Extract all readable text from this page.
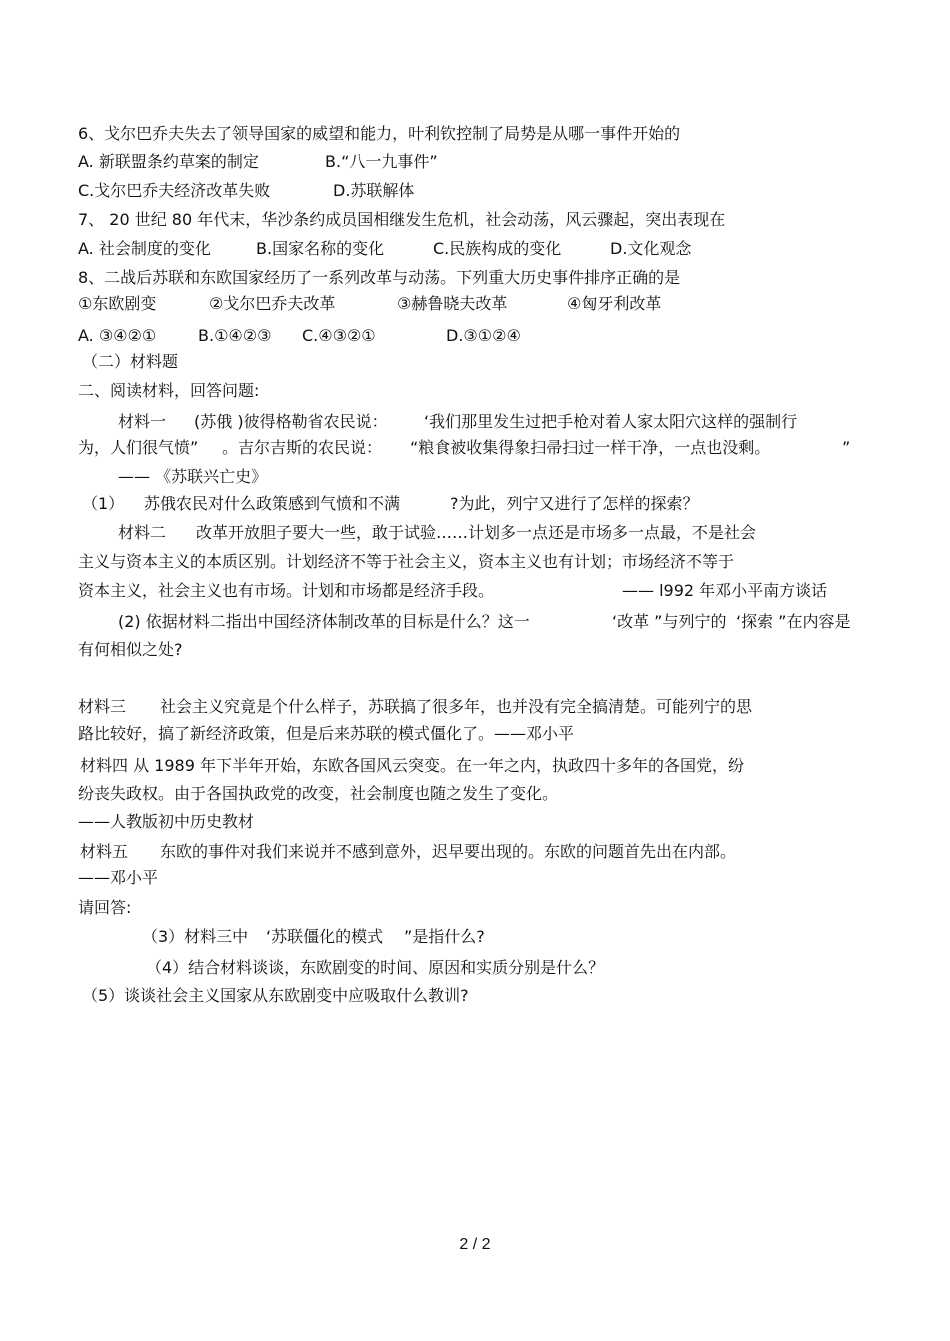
6、戈尔巴乔夫失去了领导国家的威望和能力，叶利钦控制了局势是从哪一事件开始的
A. 新联盟条约草案的制定	B.“八一九事件”
C.戈尔巴乔夫经济改革失败	D.苏联解体
7、 20 世纪 80 年代末，华沙条约成员国相继发生危机，社会动荡，风云骤起，突出表现在
A. 社会制度的变化	B.国家名称的变化	C.民族构成的变化	D.文化观念
8、二战后苏联和东欧国家经历了一系列改革与动荡。下列重大历史事件排序正确的是
①东欧剧变	②戈尔巴乔夫改革	③赫鲁晓夫改革	④匈牙利改革
A. ③④②①	B.①④②③ C.④③②①	D.③①②④
（二）材料题
二、阅读材料，回答问题:
材料一 (苏俄 )彼得格勒省农民说： ‘我们那里发生过把手枪对着人家太阳穴这样的强制行
为，人们很气愤” 。吉尔吉斯的农民说： “粮食被收集得象扫帚扫过一样干净，一点也没剩。	”
—— 《苏联兴亡史》
（1） 苏俄农民对什么政策感到气愤和不满	?为此，列宁又进行了怎样的探索？
材料二 改革开放胆子要大一些，敢于试验……计划多一点还是市场多一点最，不是社会
主义与资本主义的本质区别。计划经济不等于社会主义，资本主义也有计划；市场经济不等于
资本主义，社会主义也有市场。计划和市场都是经济手段。	—— l992 年邓小平南方谈话
(2) 依据材料二指出中国经济体制改革的目标是什么？这一	‘改革 ”与列宁的 ‘探索 ”在内容是
有何相似之处?
材料三 社会主义究竟是个什么样子，苏联搞了很多年，也并没有完全搞清楚。可能列宁的思
路比较好，搞了新经济政策，但是后来苏联的模式僵化了。——邓小平
材料四 从 1989 年下半年开始，东欧各国风云突变。在一年之内，执政四十多年的各国党，纷
纷丧失政权。由于各国执政党的改变，社会制度也随之发生了变化。
——人教版初中历史教材
材料五 东欧的事件对我们来说并不感到意外，迟早要出现的。东欧的问题首先出在内部。
——邓小平
请回答:
（3）材料三中 ‘苏联僵化的模式 ”是指什么?
（4）结合材料谈谈，东欧剧变的时间、原因和实质分别是什么？
（5）谈谈社会主义国家从东欧剧变中应吸取什么教训?
2 / 2
